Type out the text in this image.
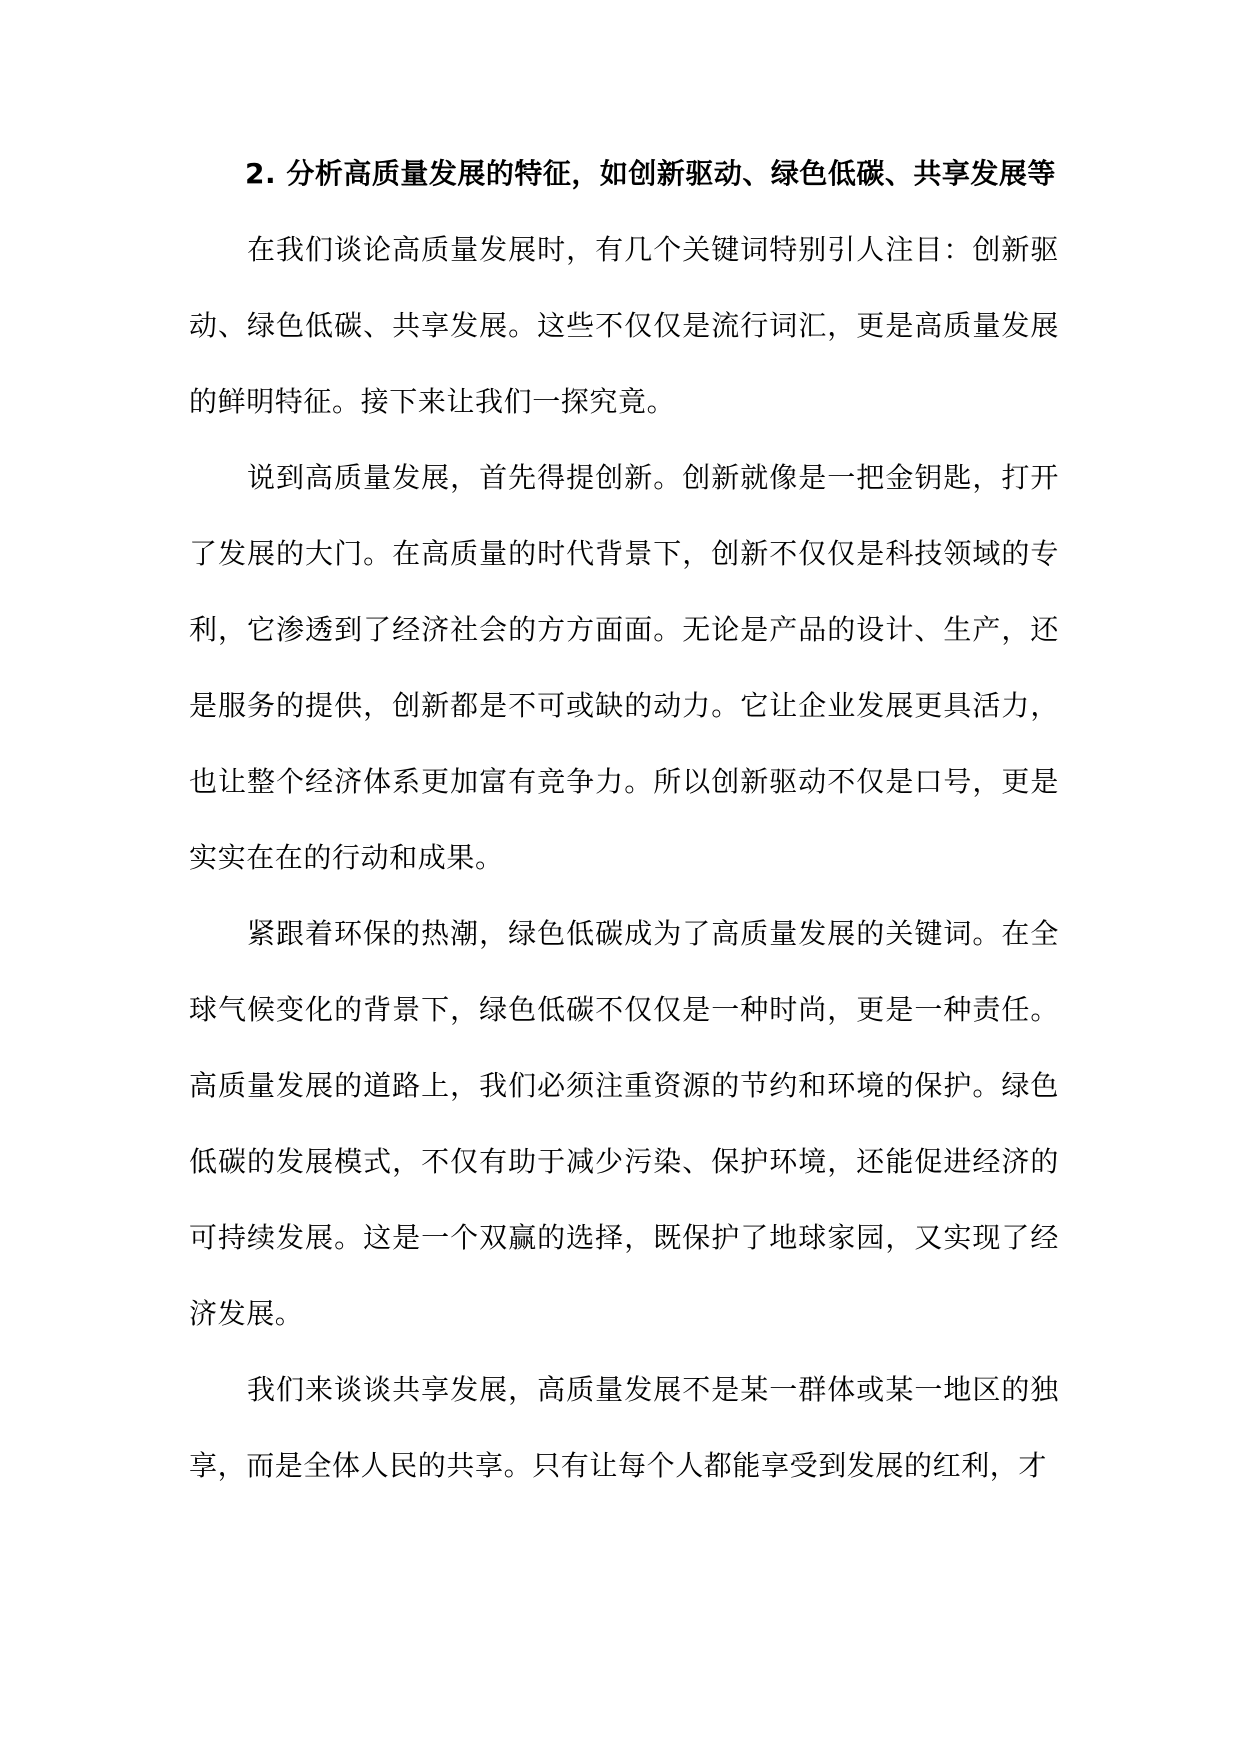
2. 分析高质量发展的特征，如创新驱动、绿色低碳、共享发展等

在我们谈论高质量发展时，有几个关键词特别引人注目：创新驱动、绿色低碳、共享发展。这些不仅仅是流行词汇，更是高质量发展的鲜明特征。接下来让我们一探究竟。

说到高质量发展，首先得提创新。创新就像是一把金钥匙，打开了发展的大门。在高质量的时代背景下，创新不仅仅是科技领域的专利，它渗透到了经济社会的方方面面。无论是产品的设计、生产，还是服务的提供，创新都是不可或缺的动力。它让企业发展更具活力，也让整个经济体系更加富有竞争力。所以创新驱动不仅是口号，更是实实在在的行动和成果。

紧跟着环保的热潮，绿色低碳成为了高质量发展的关键词。在全球气候变化的背景下，绿色低碳不仅仅是一种时尚，更是一种责任。高质量发展的道路上，我们必须注重资源的节约和环境的保护。绿色低碳的发展模式，不仅有助于减少污染、保护环境，还能促进经济的可持续发展。这是一个双赢的选择，既保护了地球家园，又实现了经济发展。

我们来谈谈共享发展，高质量发展不是某一群体或某一地区的独享，而是全体人民的共享。只有让每个人都能享受到发展的红利，才
